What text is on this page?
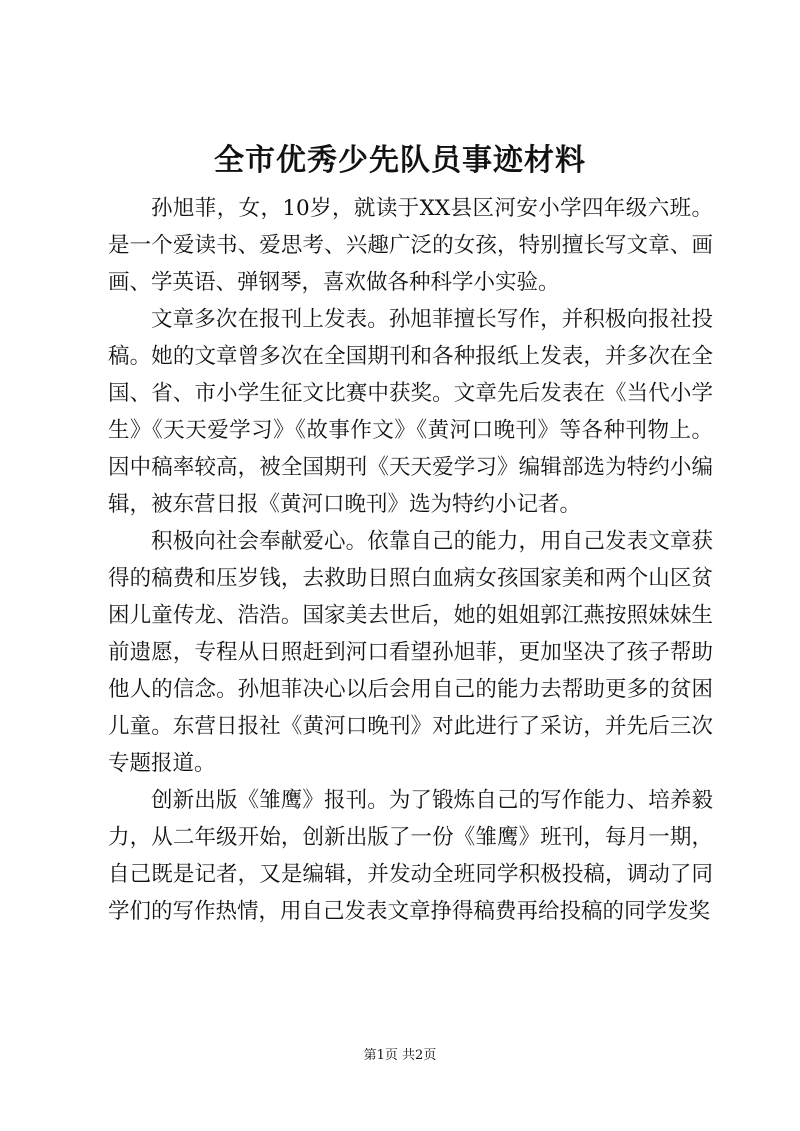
全市优秀少先队员事迹材料

孙旭菲，女，10岁，就读于XX县区河安小学四年级六班。是一个爱读书、爱思考、兴趣广泛的女孩，特别擅长写文章、画画、学英语、弹钢琴，喜欢做各种科学小实验。

文章多次在报刊上发表。孙旭菲擅长写作，并积极向报社投稿。她的文章曾多次在全国期刊和各种报纸上发表，并多次在全国、省、市小学生征文比赛中获奖。文章先后发表在《当代小学生》《天天爱学习》《故事作文》《黄河口晚刊》等各种刊物上。因中稿率较高，被全国期刊《天天爱学习》编辑部选为特约小编辑，被东营日报《黄河口晚刊》选为特约小记者。

积极向社会奉献爱心。依靠自己的能力，用自己发表文章获得的稿费和压岁钱，去救助日照白血病女孩国家美和两个山区贫困儿童传龙、浩浩。国家美去世后，她的姐姐郭江燕按照妹妹生前遗愿，专程从日照赶到河口看望孙旭菲，更加坚决了孩子帮助他人的信念。孙旭菲决心以后会用自己的能力去帮助更多的贫困儿童。东营日报社《黄河口晚刊》对此进行了采访，并先后三次专题报道。

创新出版《雏鹰》报刊。为了锻炼自己的写作能力、培养毅力，从二年级开始，创新出版了一份《雏鹰》班刊，每月一期，自己既是记者，又是编辑，并发动全班同学积极投稿，调动了同学们的写作热情，用自己发表文章挣得稿费再给投稿的同学发奖

第1页 共2页
